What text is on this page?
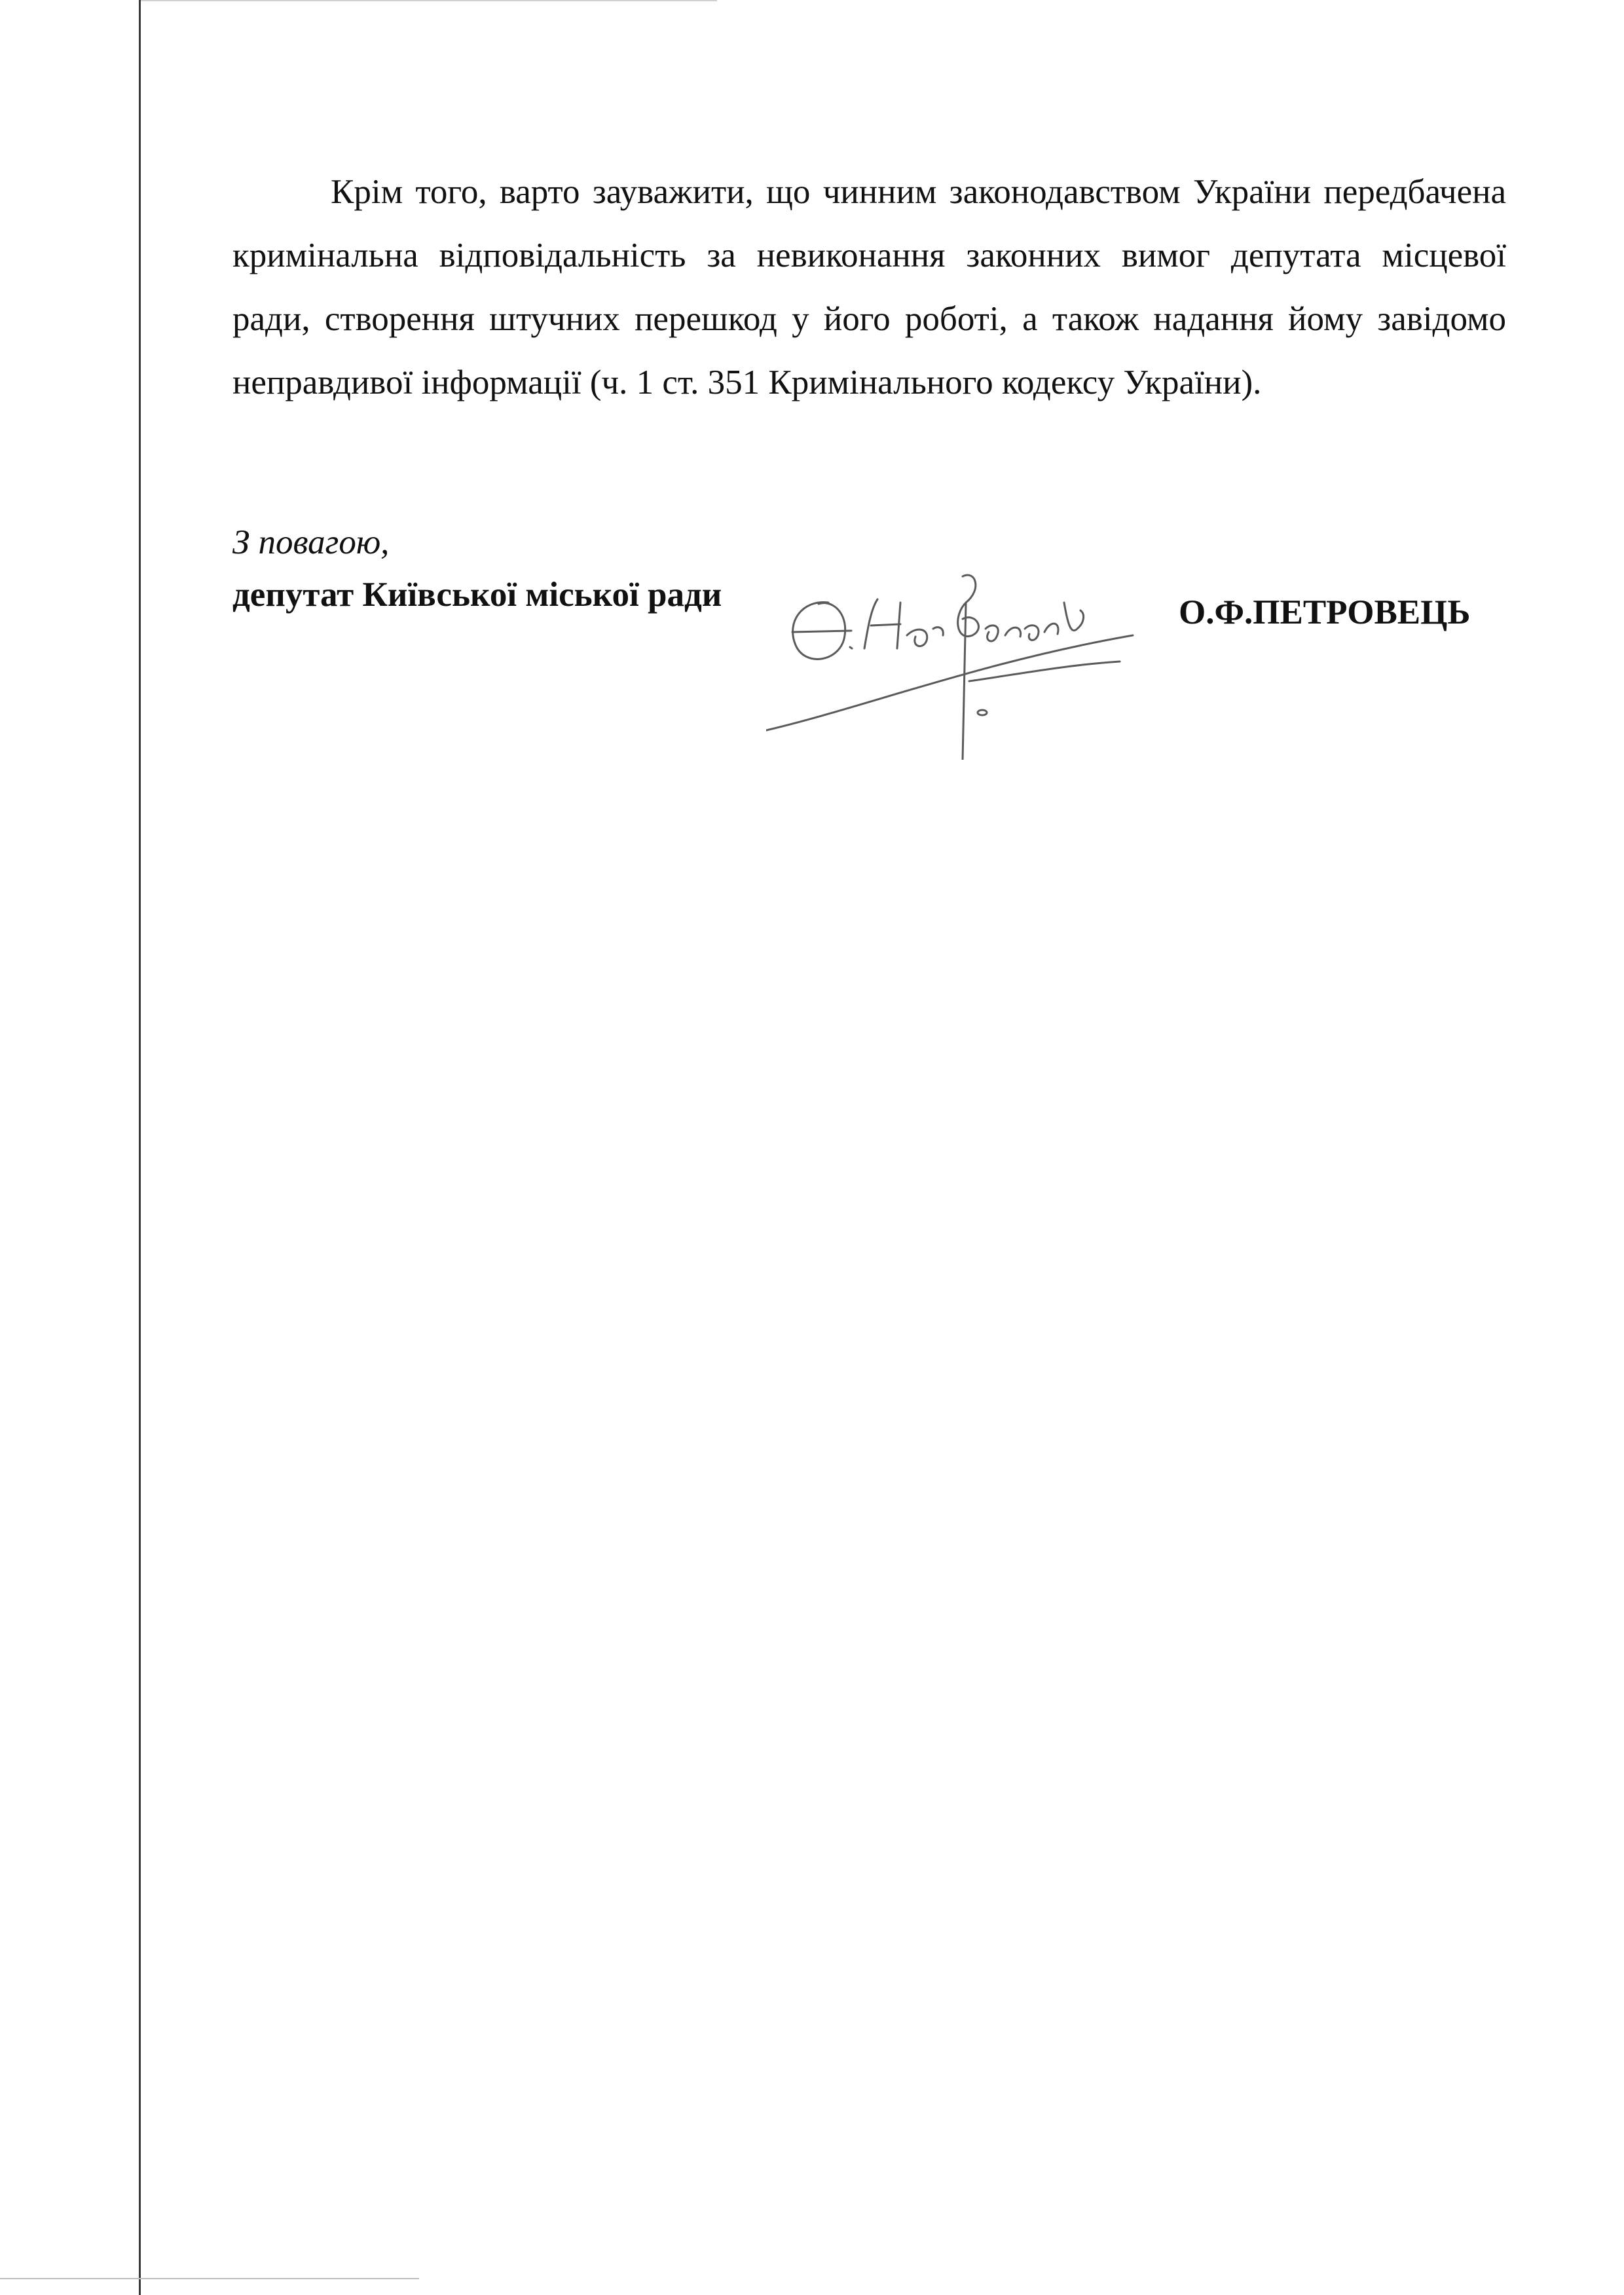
Крім того, варто зауважити, що чинним законодавством України передбачена кримінальна відповідальність за невиконання законних вимог депутата місцевої ради, створення штучних перешкод у його роботі, а також надання йому завідомо неправдивої інформації (ч. 1 ст. 351 Кримінального кодексу України).

З повагою,

депутат Київської міської ради	О.Ф.ПЕТРОВЕЦЬ
